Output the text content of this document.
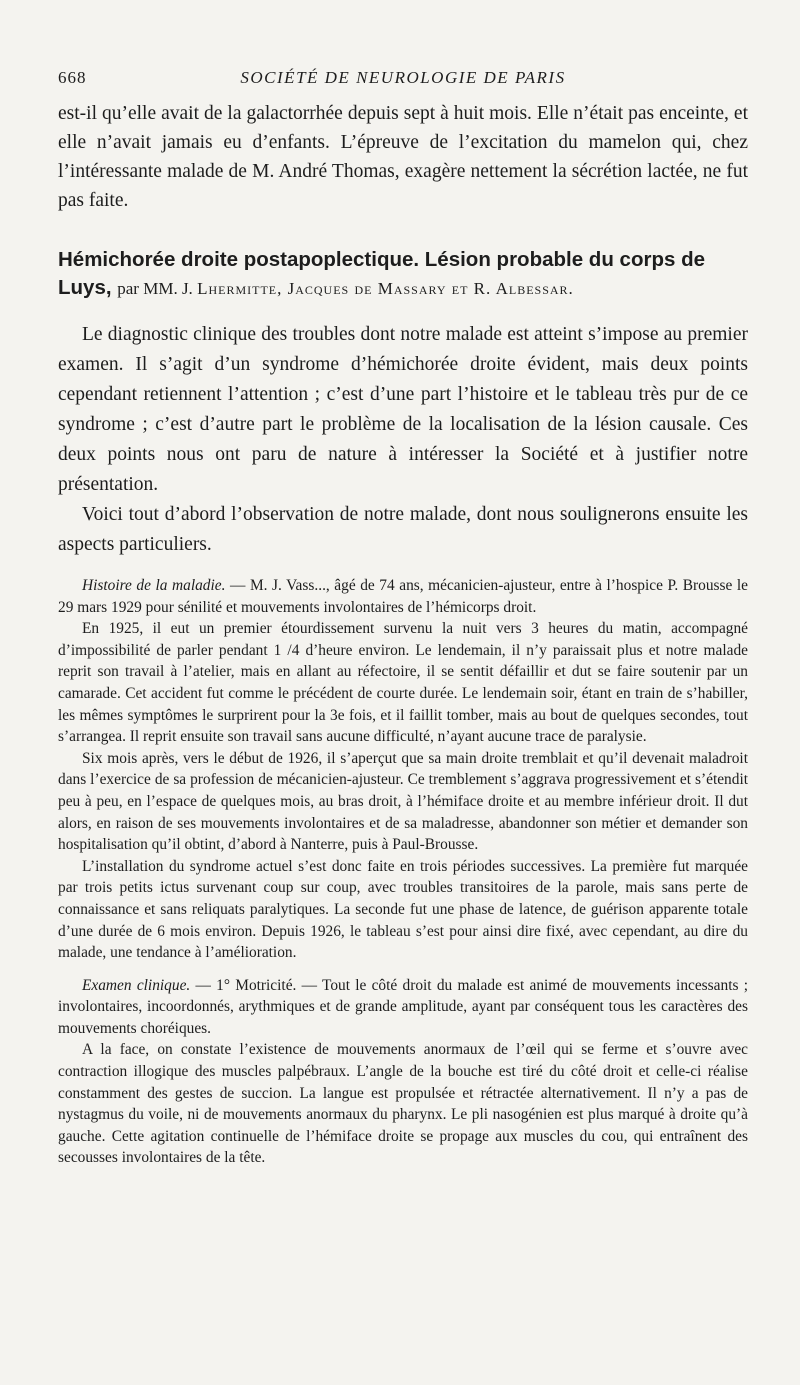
668	SOCIÉTÉ DE NEUROLOGIE DE PARIS
est-il qu’elle avait de la galactorrhée depuis sept à huit mois. Elle n’était pas enceinte, et elle n’avait jamais eu d’enfants. L’épreuve de l’excitation du mamelon qui, chez l’intéressante malade de M. André Thomas, exagère nettement la sécrétion lactée, ne fut pas faite.
Hémichorée droite postapoplectique. Lésion probable du corps de Luys, par MM. J. Lhermitte, Jacques de Massary et R. Albessar.

Le diagnostic clinique des troubles dont notre malade est atteint s’impose au premier examen. Il s’agit d’un syndrome d’hémichorée droite évident, mais deux points cependant retiennent l’attention ; c’est d’une part l’histoire et le tableau très pur de ce syndrome ; c’est d’autre part le problème de la localisation de la lésion causale. Ces deux points nous ont paru de nature à intéresser la Société et à justifier notre présentation.

Voici tout d’abord l’observation de notre malade, dont nous soulignerons ensuite les aspects particuliers.

Histoire de la maladie. — M. J. Vass..., âgé de 74 ans, mécanicien-ajusteur, entre à l’hospice P. Brousse le 29 mars 1929 pour sénilité et mouvements involontaires de l’hémicorps droit.

En 1925, il eut un premier étourdissement survenu la nuit vers 3 heures du matin, accompagné d’impossibilité de parler pendant 1 /4 d’heure environ. Le lendemain, il n’y paraissait plus et notre malade reprit son travail à l’atelier, mais en allant au réfectoire, il se sentit défaillir et dut se faire soutenir par un camarade. Cet accident fut comme le précédent de courte durée. Le lendemain soir, étant en train de s’habiller, les mêmes symptômes le surprirent pour la 3e fois, et il faillit tomber, mais au bout de quelques secondes, tout s’arrangea. Il reprit ensuite son travail sans aucune difficulté, n’ayant aucune trace de paralysie.

Six mois après, vers le début de 1926, il s’aperçut que sa main droite tremblait et qu’il devenait maladroit dans l’exercice de sa profession de mécanicien-ajusteur. Ce tremblement s’aggrava progressivement et s’étendit peu à peu, en l’espace de quelques mois, au bras droit, à l’hémiface droite et au membre inférieur droit. Il dut alors, en raison de ses mouvements involontaires et de sa maladresse, abandonner son métier et demander son hospitalisation qu’il obtint, d’abord à Nanterre, puis à Paul-Brousse.

L’installation du syndrome actuel s’est donc faite en trois périodes successives. La première fut marquée par trois petits ictus survenant coup sur coup, avec troubles transitoires de la parole, mais sans perte de connaissance et sans reliquats paralytiques. La seconde fut une phase de latence, de guérison apparente totale d’une durée de 6 mois environ. Depuis 1926, le tableau s’est pour ainsi dire fixé, avec cependant, au dire du malade, une tendance à l’amélioration.

Examen clinique. — 1° Motricité. — Tout le côté droit du malade est animé de mouvements incessants ; involontaires, incoordonnés, arythmiques et de grande amplitude, ayant par conséquent tous les caractères des mouvements choréiques.

A la face, on constate l’existence de mouvements anormaux de l’œil qui se ferme et s’ouvre avec contraction illogique des muscles palpébraux. L’angle de la bouche est tiré du côté droit et celle-ci réalise constamment des gestes de succion. La langue est propulsée et rétractée alternativement. Il n’y a pas de nystagmus du voile, ni de mouvements anormaux du pharynx. Le pli nasogénien est plus marqué à droite qu’à gauche. Cette agitation continuelle de l’hémiface droite se propage aux muscles du cou, qui entraînent des secousses involontaires de la tête.
